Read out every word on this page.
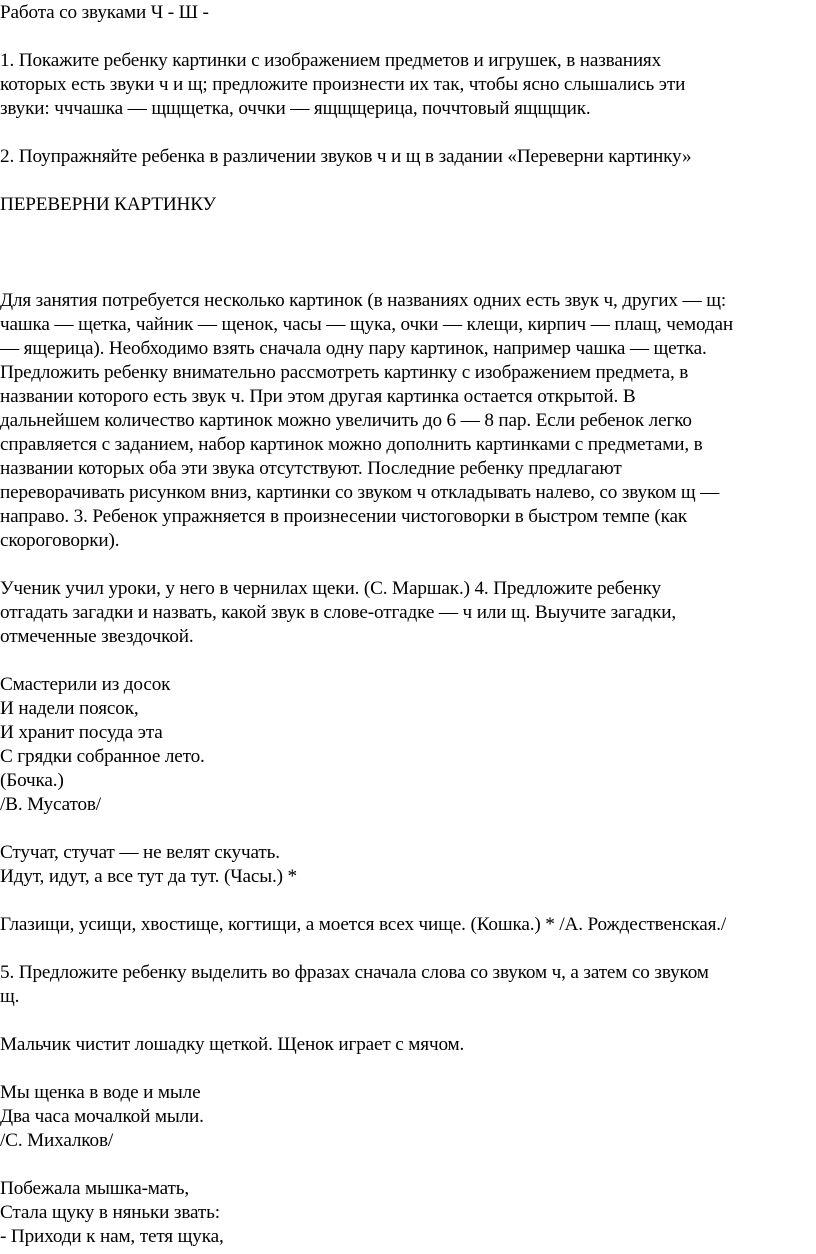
Работа со звуками Ч - Ш -
1. Покажите ребенку картинки с изображением предметов и игрушек, в названиях
которых есть звуки ч и щ; предложите произнести их так, чтобы ясно слышались эти
звуки: чччашка — щщщетка, оччки — ящщщерица, поччтовый ящщщик.
2. Поупражняйте ребенка в различении звуков ч и щ в задании «Переверни картинку»
ПЕРЕВЕРНИ КАРТИНКУ
Для занятия потребуется несколько картинок (в названиях одних есть звук ч, других — щ:
чашка — щетка, чайник — щенок, часы — щука, очки — клещи, кирпич — плащ, чемодан
— ящерица). Необходимо взять сначала одну пару картинок, например чашка — щетка.
Предложить ребенку внимательно рассмотреть картинку с изображением предмета, в
названии которого есть звук ч. При этом другая картинка остается открытой. В
дальнейшем количество картинок можно увеличить до 6 — 8 пар. Если ребенок легко
справляется с заданием, набор картинок можно дополнить картинками с предметами, в
названии которых оба эти звука отсутствуют. Последние ребенку предлагают
переворачивать рисунком вниз, картинки со звуком ч откладывать налево, со звуком щ —
направо. 3. Ребенок упражняется в произнесении чистоговорки в быстром темпе (как
скороговорки).
Ученик учил уроки, у него в чернилах щеки. (С. Маршак.) 4. Предложите ребенку
отгадать загадки и назвать, какой звук в слове-отгадке — ч или щ. Выучите загадки,
отмеченные звездочкой.
Смастерили из досок
И надели поясок,
И хранит посуда эта
С грядки собранное лето.
(Бочка.)
/В. Мусатов/
Стучат, стучат — не велят скучать.
Идут, идут, а все тут да тут. (Часы.) *
Глазищи, усищи, хвостище, когтищи, а моется всех чище. (Кошка.) * /А. Рождественская./
5. Предложите ребенку выделить во фразах сначала слова со звуком ч, а затем со звуком
щ.
Мальчик чистит лошадку щеткой. Щенок играет с мячом.
Мы щенка в воде и мыле
Два часа мочалкой мыли.
/С. Михалков/
Побежала мышка-мать,
Стала щуку в няньки звать:
- Приходи к нам, тетя щука,
